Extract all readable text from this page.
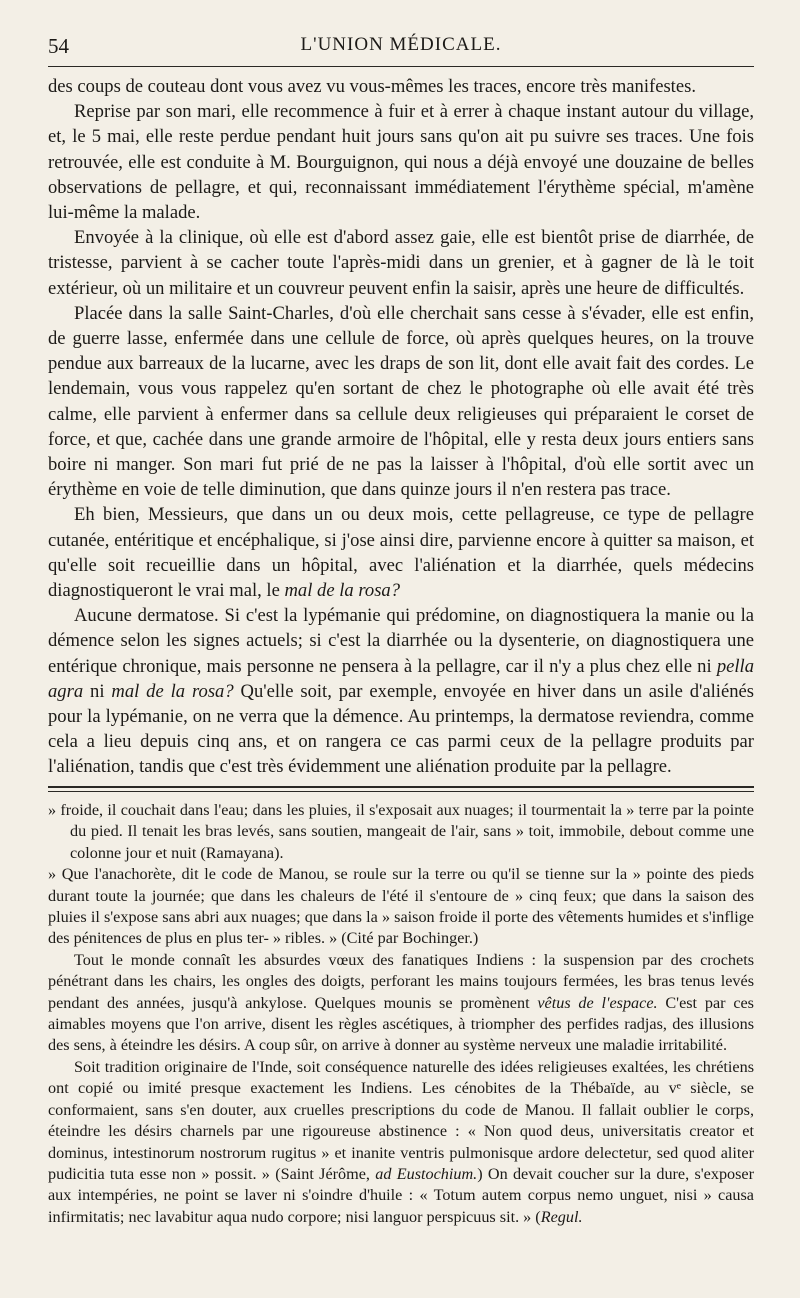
54	L'UNION MÉDICALE.

des coups de couteau dont vous avez vu vous-mêmes les traces, encore très manifestes.

Reprise par son mari, elle recommence à fuir et à errer à chaque instant autour du village, et, le 5 mai, elle reste perdue pendant huit jours sans qu'on ait pu suivre ses traces. Une fois retrouvée, elle est conduite à M. Bourguignon, qui nous a déjà envoyé une douzaine de belles observations de pellagre, et qui, reconnaissant immédiatement l'érythème spécial, m'amène lui-même la malade.

Envoyée à la clinique, où elle est d'abord assez gaie, elle est bientôt prise de diarrhée, de tristesse, parvient à se cacher toute l'après-midi dans un grenier, et à gagner de là le toit extérieur, où un militaire et un couvreur peuvent enfin la saisir, après une heure de difficultés.

Placée dans la salle Saint-Charles, d'où elle cherchait sans cesse à s'évader, elle est enfin, de guerre lasse, enfermée dans une cellule de force, où après quelques heures, on la trouve pendue aux barreaux de la lucarne, avec les draps de son lit, dont elle avait fait des cordes. Le lendemain, vous vous rappelez qu'en sortant de chez le photographe où elle avait été très calme, elle parvient à enfermer dans sa cellule deux religieuses qui préparaient le corset de force, et que, cachée dans une grande armoire de l'hôpital, elle y resta deux jours entiers sans boire ni manger. Son mari fut prié de ne pas la laisser à l'hôpital, d'où elle sortit avec un érythème en voie de telle diminution, que dans quinze jours il n'en restera pas trace.

Eh bien, Messieurs, que dans un ou deux mois, cette pellagreuse, ce type de pellagre cutanée, entéritique et encéphalique, si j'ose ainsi dire, parvienne encore à quitter sa maison, et qu'elle soit recueillie dans un hôpital, avec l'aliénation et la diarrhée, quels médecins diagnostiqueront le vrai mal, le mal de la rosa?

Aucune dermatose. Si c'est la lypémanie qui prédomine, on diagnostiquera la manie ou la démence selon les signes actuels; si c'est la diarrhée ou la dysenterie, on diagnostiquera une entérique chronique, mais personne ne pensera à la pellagre, car il n'y a plus chez elle ni pella agra ni mal de la rosa? Qu'elle soit, par exemple, envoyée en hiver dans un asile d'aliénés pour la lypémanie, on ne verra que la démence. Au printemps, la dermatose reviendra, comme cela a lieu depuis cinq ans, et on rangera ce cas parmi ceux de la pellagre produits par l'aliénation, tandis que c'est très évidemment une aliénation produite par la pellagre.

» froide, il couchait dans l'eau; dans les pluies, il s'exposait aux nuages; il tourmentait la » terre par la pointe du pied. Il tenait les bras levés, sans soutien, mangeait de l'air, sans » toit, immobile, debout comme une colonne jour et nuit (Ramayana).

» Que l'anachorète, dit le code de Manou, se roule sur la terre ou qu'il se tienne sur la » pointe des pieds durant toute la journée; que dans les chaleurs de l'été il s'entoure de » cinq feux; que dans la saison des pluies il s'expose sans abri aux nuages; que dans la » saison froide il porte des vêtements humides et s'inflige des pénitences de plus en plus ter- » ribles. » (Cité par Bochinger.)

Tout le monde connaît les absurdes vœux des fanatiques Indiens : la suspension par des crochets pénétrant dans les chairs, les ongles des doigts, perforant les mains toujours fermées, les bras tenus levés pendant des années, jusqu'à ankylose. Quelques mounis se promènent vêtus de l'espace. C'est par ces aimables moyens que l'on arrive, disent les règles ascétiques, à triompher des perfides radjas, des illusions des sens, à éteindre les désirs. A coup sûr, on arrive à donner au système nerveux une maladie irritabilité.

Soit tradition originaire de l'Inde, soit conséquence naturelle des idées religieuses exaltées, les chrétiens ont copié ou imité presque exactement les Indiens. Les cénobites de la Thébaïde, au vᵉ siècle, se conformaient, sans s'en douter, aux cruelles prescriptions du code de Manou. Il fallait oublier le corps, éteindre les désirs charnels par une rigoureuse abstinence : « Non quod deus, universitatis creator et dominus, intestinorum nostrorum rugitus » et inanite ventris pulmonisque ardore delectetur, sed quod aliter pudicitia tuta esse non » possit. » (Saint Jérôme, ad Eustochium.) On devait coucher sur la dure, s'exposer aux intempéries, ne point se laver ni s'oindre d'huile : « Totum autem corpus nemo unguet, nisi » causa infirmitatis; nec lavabitur aqua nudo corpore; nisi languor perspicuus sit. » (Regul.
